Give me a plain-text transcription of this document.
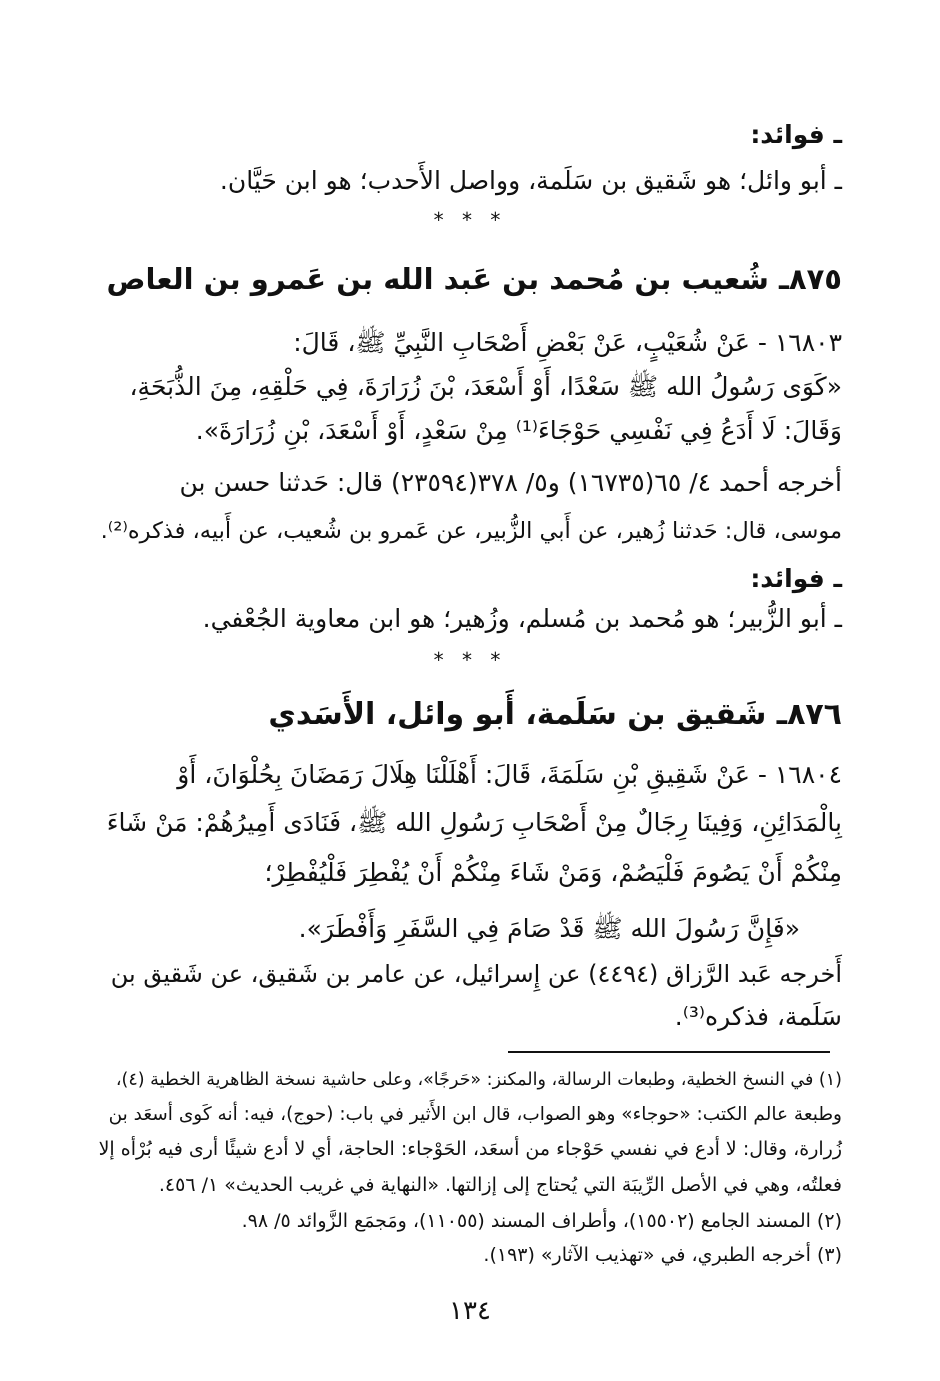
ـ فوائد:
ـ أبو وائل؛ هو شَقيق بن سَلَمة، وواصل الأَحدب؛ هو ابن حَيَّان.
* * *
٨٧٥ـ شُعيب بن مُحمد بن عَبد الله بن عَمرو بن العاص
١٦٨٠٣ - عَنْ شُعَيْبٍ، عَنْ بَعْضِ أَصْحَابِ النَّبِيِّ ﷺ، قَالَ:
«كَوَى رَسُولُ الله ﷺ سَعْدًا، أَوْ أَسْعَدَ، بْنَ زُرَارَةَ، فِي حَلْقِهِ، مِنَ الذُّبَحَةِ،
وَقَالَ: لَا أَدَعُ فِي نَفْسِي حَوْجَاءَ⁽¹⁾ مِنْ سَعْدٍ، أَوْ أَسْعَدَ، بْنِ زُرَارَةَ».
أخرجه أحمد ٤/ ٦٥(١٦٧٣٥) و٥/ ٣٧٨(٢٣٥٩٤) قال: حَدثنا حسن بن
موسى، قال: حَدثنا زُهير، عن أَبي الزُّبير، عن عَمرو بن شُعيب، عن أَبيه، فذكره⁽²⁾.
ـ فوائد:
ـ أبو الزُّبير؛ هو مُحمد بن مُسلم، وزُهير؛ هو ابن معاوية الجُعْفي.
* * *
٨٧٦ـ شَقيق بن سَلَمة، أَبو وائل، الأَسَدي
١٦٨٠٤ - عَنْ شَقِيقِ بْنِ سَلَمَةَ، قَالَ: أَهْلَلْنَا هِلَالَ رَمَضَانَ بِحُلْوَانَ، أَوْ
بِالْمَدَائِنِ، وَفِينَا رِجَالٌ مِنْ أَصْحَابِ رَسُولِ الله ﷺ، فَنَادَى أَمِيرُهُمْ: مَنْ شَاءَ
مِنْكُمْ أَنْ يَصُومَ فَلْيَصُمْ، وَمَنْ شَاءَ مِنْكُمْ أَنْ يُفْطِرَ فَلْيُفْطِرْ؛
«فَإِنَّ رَسُولَ الله ﷺ قَدْ صَامَ فِي السَّفَرِ وَأَفْطَرَ».
أَخرجه عَبد الرَّزاق (٤٤٩٤) عن إِسرائيل، عن عامر بن شَقيق، عن شَقيق بن
سَلَمة، فذكره⁽³⁾.
(١) في النسخ الخطية، وطبعات الرسالة، والمكنز: «حَرجًا»، وعلى حاشية نسخة الظاهرية الخطية (٤)،
وطبعة عالم الكتب: «حوجاء» وهو الصواب، قال ابن الأَثير في باب: (حوج)، فيه: أنه كَوى أسعَد بن
زُرارة، وقال: لا أدع في نفسي حَوْجاء من أسعَد، الحَوْجاء: الحاجة، أي لا أدع شيئًا أرى فيه بُرْأه إلا
فعلتُه، وهي في الأصل الرِّيبَة التي يُحتاج إلى إزالتها. «النهاية في غريب الحديث» ١/ ٤٥٦.
(٢) المسند الجامع (١٥٥٠٢)، وأطراف المسند (١١٠٥٥)، ومَجمَع الزَّوائد ٥/ ٩٨.
(٣) أخرجه الطبري، في «تهذيب الآثار» (١٩٣).
١٣٤
